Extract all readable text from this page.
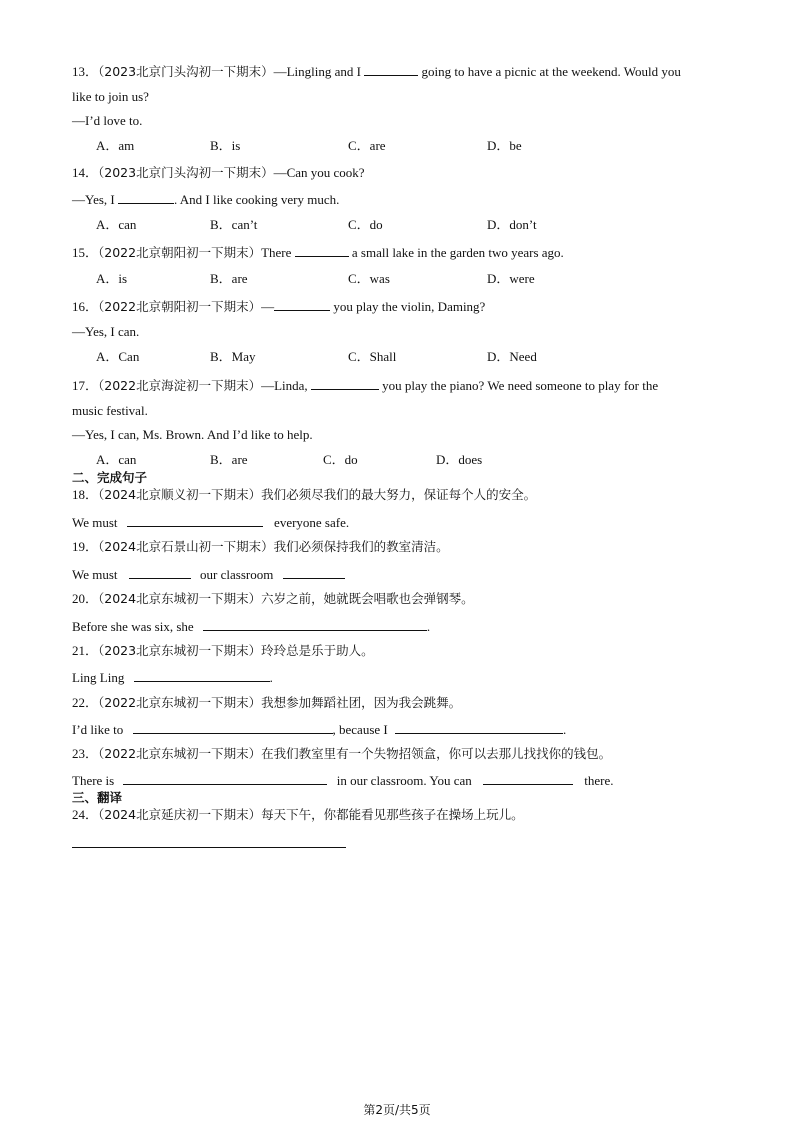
13．（2023北京门头沟初一下期末）—Lingling and I	going to have a picnic at the weekend. Would you
like to join us?
—I’d love to.
A．am	B．is	C．are	D．be
14．（2023北京门头沟初一下期末）—Can you cook?
—Yes, I	. And I like cooking very much.
A．can	B．can’t	C．do	D．don’t
15．（2022北京朝阳初一下期末）There	a small lake in the garden two years ago.
A．is	B．are	C．was	D．were
16．（2022北京朝阳初一下期末）—	you play the violin, Daming?
—Yes, I can.
A．Can	B．May	C．Shall	D．Need
17．（2022北京海淀初一下期末）—Linda,	you play the piano? We need someone to play for the
music festival.
—Yes, I can, Ms. Brown. And I’d like to help.
A．can	B．are	C．do	D．does
二、完成句子
18．（2024北京顺义初一下期末）我们必须尽我们的最大努力，保证每个人的安全。
We must	everyone safe.
19．（2024北京石景山初一下期末）我们必须保持我们的教室清洁。
We must	our classroom
20．（2024北京东城初一下期末）六岁之前，她就既会唱歌也会弹钢琴。
Before she was six, she	.
21．（2023北京东城初一下期末）玲玲总是乐于助人。
Ling Ling	.
22．（2022北京东城初一下期末）我想参加舞蹈社团，因为我会跳舞。
I’d like to	, because I	.
23．（2022北京东城初一下期末）在我们教室里有一个失物招领盒，你可以去那儿找找你的钱包。
There is	in our classroom. You can	there.
三、翻译
24．（2024北京延庆初一下期末）每天下午，你都能看见那些孩子在操场上玩儿。
第2页/共5页
